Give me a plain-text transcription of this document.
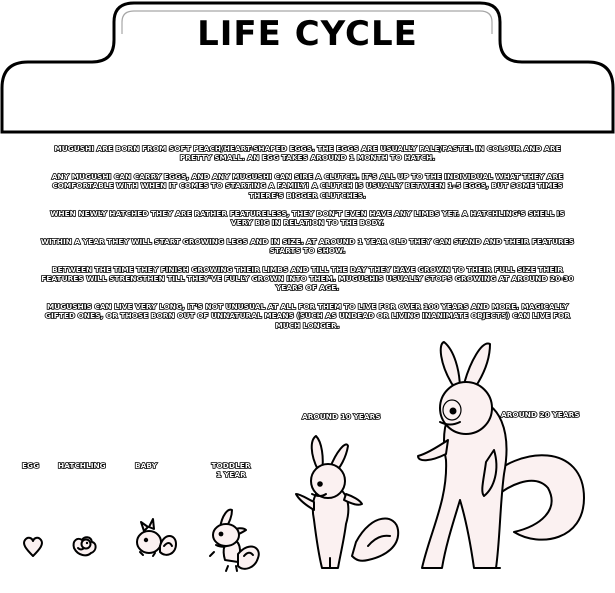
LIFE CYCLE

MUGUSHI ARE BORN FROM SOFT PEACH/HEART-SHAPED EGGS. THE EGGS ARE USUALLY PALE/PASTEL IN COLOUR AND ARE PRETTY SMALL. AN EGG TAKES AROUND 1 MONTH TO HATCH.

ANY MUGUSHI CAN CARRY EGGS, AND ANY MUGUSHI CAN SIRE A CLUTCH. IT'S ALL UP TO THE INDIVIDUAL WHAT THEY ARE COMFORTABLE WITH WHEN IT COMES TO STARTING A FAMILY! A CLUTCH IS USUALLY BETWEEN 1-5 EGGS, BUT SOME TIMES THERE'S BIGGER CLUTCHES.

WHEN NEWLY HATCHED THEY ARE RATHER FEATURELESS, THEY DON'T EVEN HAVE ANY LIMBS YET. A HATCHLING'S SHELL IS VERY BIG IN RELATION TO THE BODY.

WITHIN A YEAR THEY WILL START GROWING LEGS AND IN SIZE. AT AROUND 1 YEAR OLD THEY CAN STAND AND THEIR FEATURES STARTS TO SHOW.

BETWEEN THE TIME THEY FINISH GROWING THEIR LIMBS AND TILL THE DAY THEY HAVE GROWN TO THEIR FULL SIZE THEIR FEATURES WILL STRENGTHEN TILL THEY'VE FULLY GROWN INTO THEM. MUGUSHIS USUALLY STOPS GROWING AT AROUND 20-30 YEARS OF AGE.

MUGUSHIS CAN LIVE VERY LONG, IT'S NOT UNUSUAL AT ALL FOR THEM TO LIVE FOR OVER 100 YEARS AND MORE. MAGICALLY GIFTED ONES, OR THOSE BORN OUT OF UNNATURAL MEANS (SUCH AS UNDEAD OR LIVING INANIMATE OBJECTS) CAN LIVE FOR MUCH LONGER.

EGG	HATCHLING	BABY	TODDLER
1 YEAR
AROUND 10 YEARS	AROUND 20 YEARS
